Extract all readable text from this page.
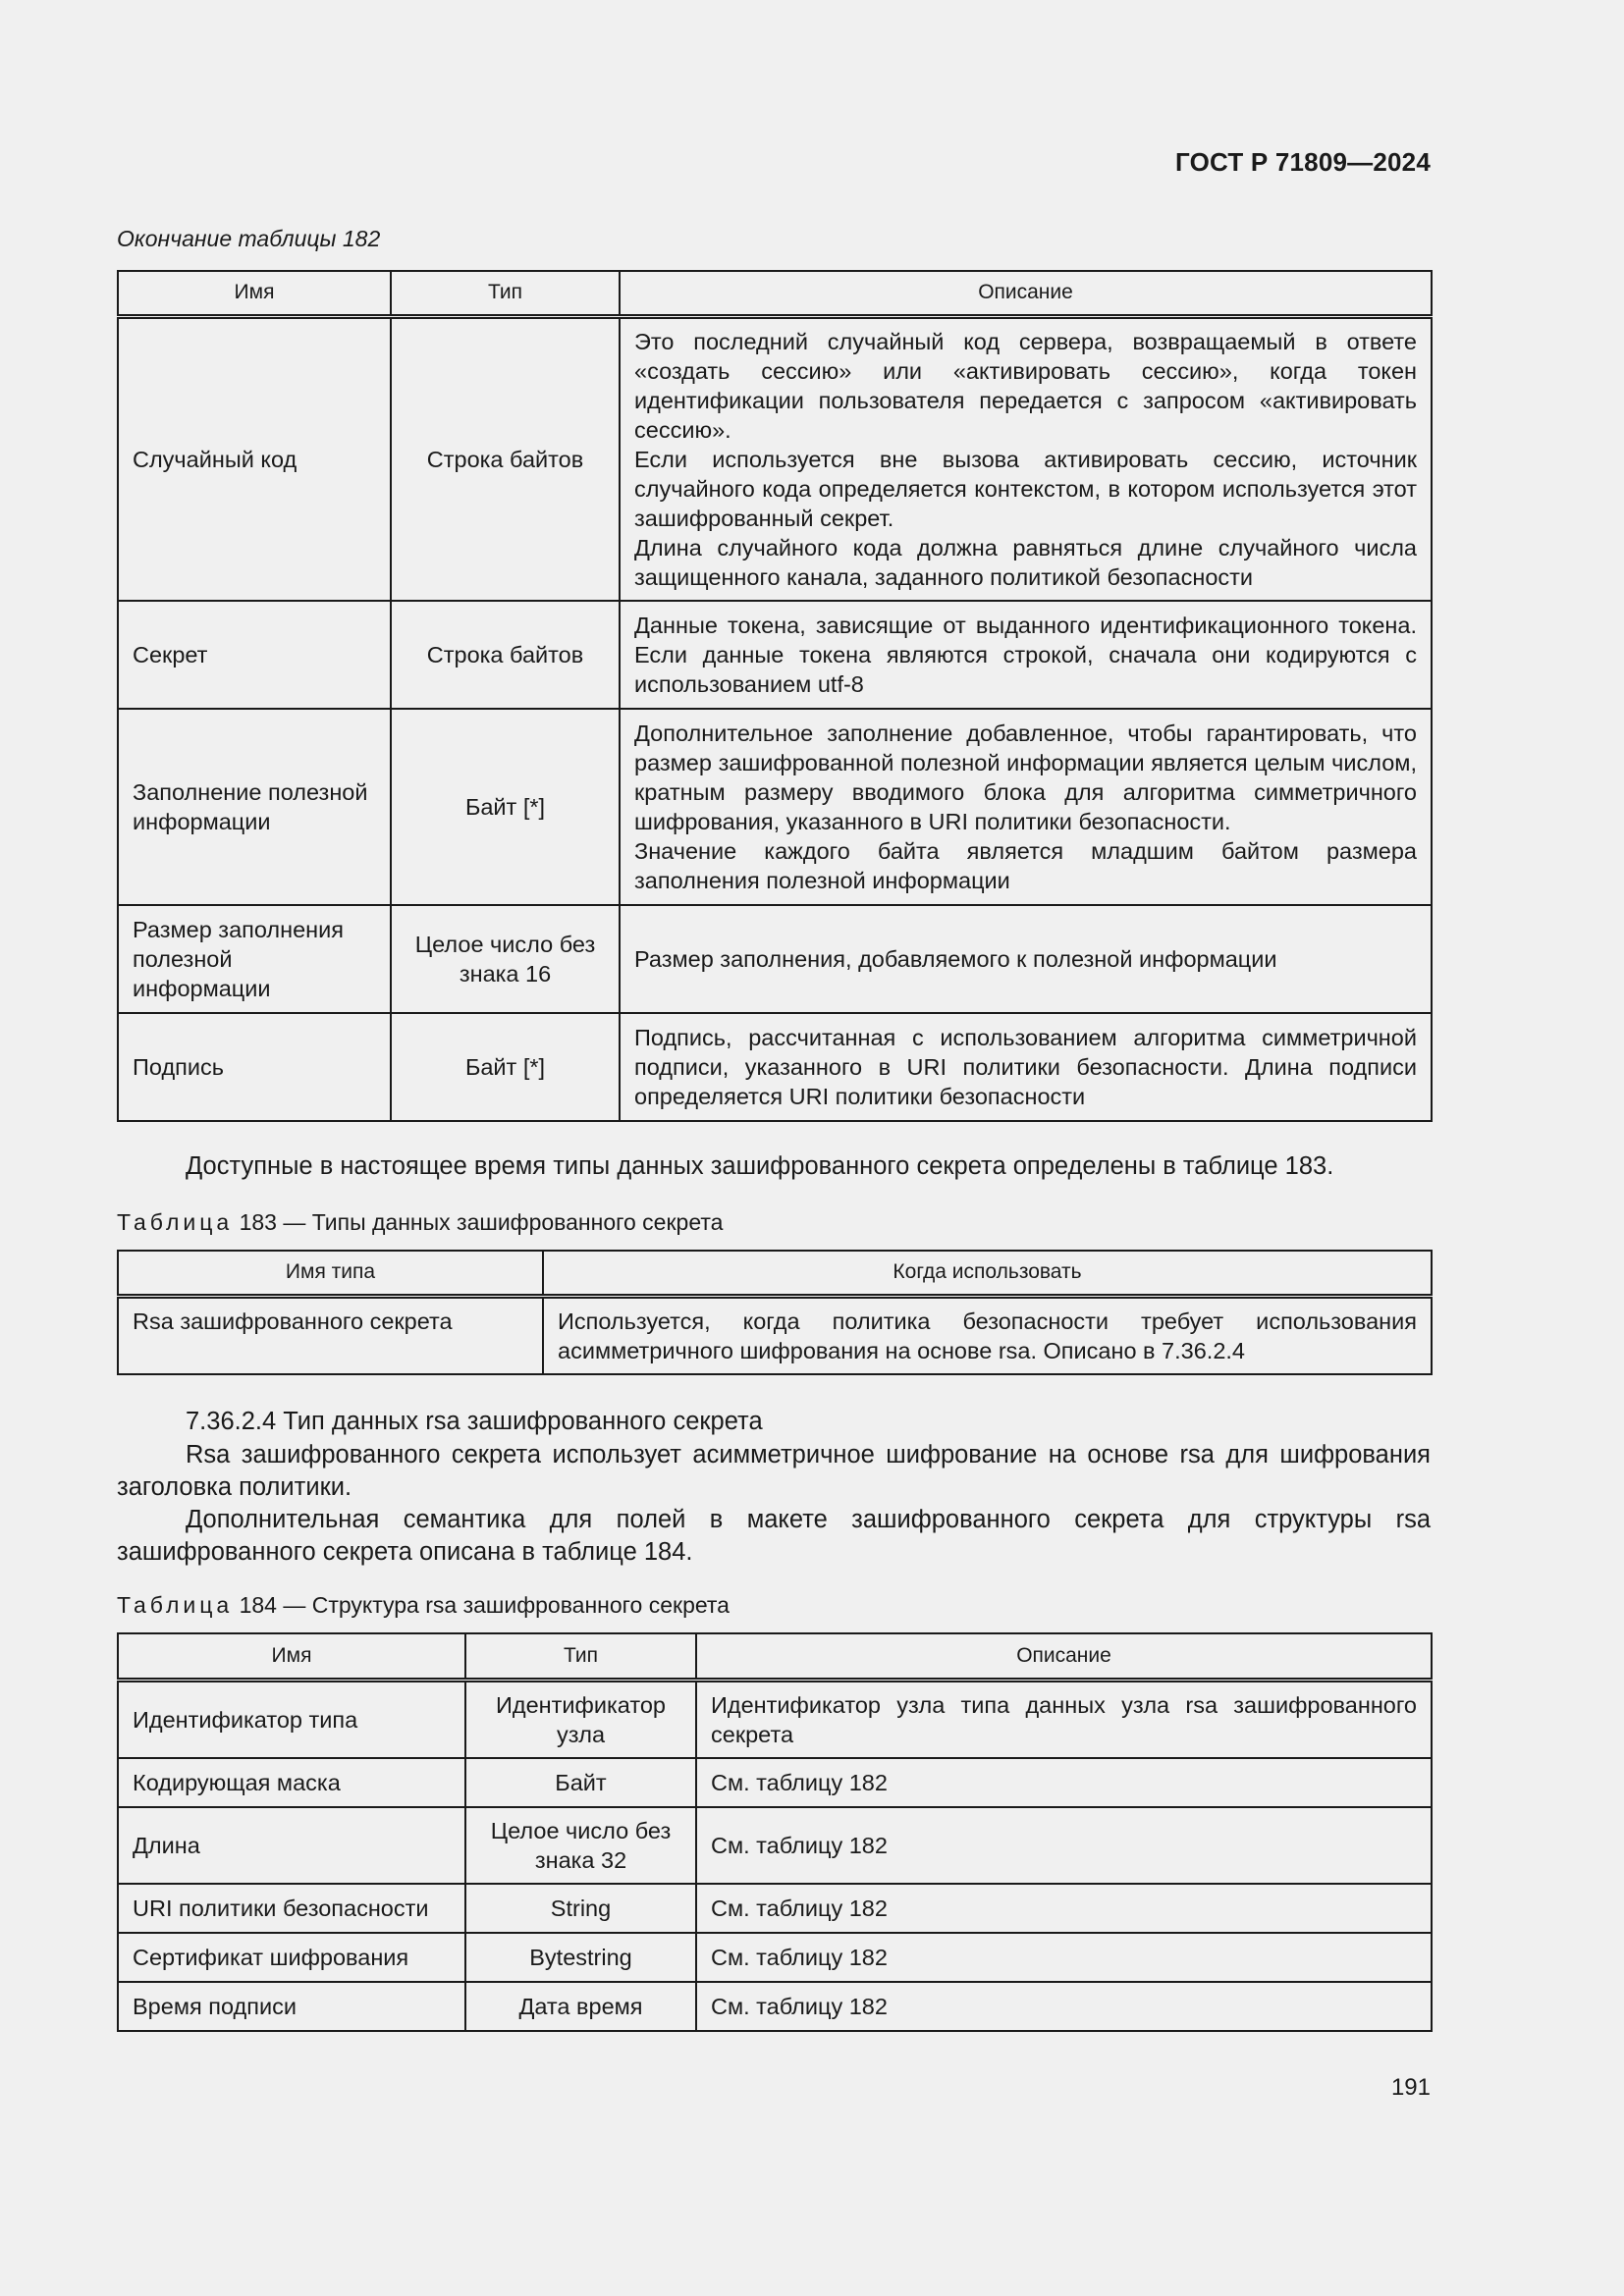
ГОСТ Р 71809—2024
Окончание таблицы 182
Имя	Тип	Описание
Случайный код	Строка байтов	Это последний случайный код сервера, возвращаемый в ответе «создать сессию» или «активировать сессию», когда токен идентификации пользователя передается с запросом «активировать сессию».

Если используется вне вызова активировать сессию, источник случайного кода определяется контекстом, в котором используется этот зашифрованный секрет.

Длина случайного кода должна равняться длине случайного числа защищенного канала, заданного политикой безопасности

Секрет	Строка байтов	Данные токена, зависящие от выданного идентификационного токена. Если данные токена являются строкой, сначала они кодируются с использованием utf-8

Заполнение полезной информации	Байт [*]	Дополнительное заполнение добавленное, чтобы гарантировать, что размер зашифрованной полезной информации является целым числом, кратным размеру вводимого блока для алгоритма симметричного шифрования, указанного в URI политики безопасности.

Значение каждого байта является младшим байтом размера заполнения полезной информации

Размер заполнения полезной информации	Целое число без знака 16	Размер заполнения, добавляемого к полезной информации

Подпись	Байт [*]	Подпись, рассчитанная с использованием алгоритма симметричной подписи, указанного в URI политики безопасности. Длина подписи определяется URI политики безопасности

Доступные в настоящее время типы данных зашифрованного секрета определены в таблице 183.
Таблица 183 — Типы данных зашифрованного секрета
Имя типа	Когда использовать
Rsa зашифрованного секрета	Используется, когда политика безопасности требует использования асимметричного шифрования на основе rsa. Описано в 7.36.2.4
7.36.2.4 Тип данных rsa зашифрованного секрета
Rsa зашифрованного секрета использует асимметричное шифрование на основе rsa для шифрования заголовка политики.
Дополнительная семантика для полей в макете зашифрованного секрета для структуры rsa зашифрованного секрета описана в таблице 184.
Таблица 184 — Структура rsa зашифрованного секрета
Имя	Тип	Описание
Идентификатор типа	Идентификатор узла	Идентификатор узла типа данных узла rsa зашифрованного секрета
Кодирующая маска	Байт	См. таблицу 182
Длина	Целое число без знака 32	См. таблицу 182
URI политики безопасности	String	См. таблицу 182
Сертификат шифрования	Bytestring	См. таблицу 182
Время подписи	Дата время	См. таблицу 182
191
